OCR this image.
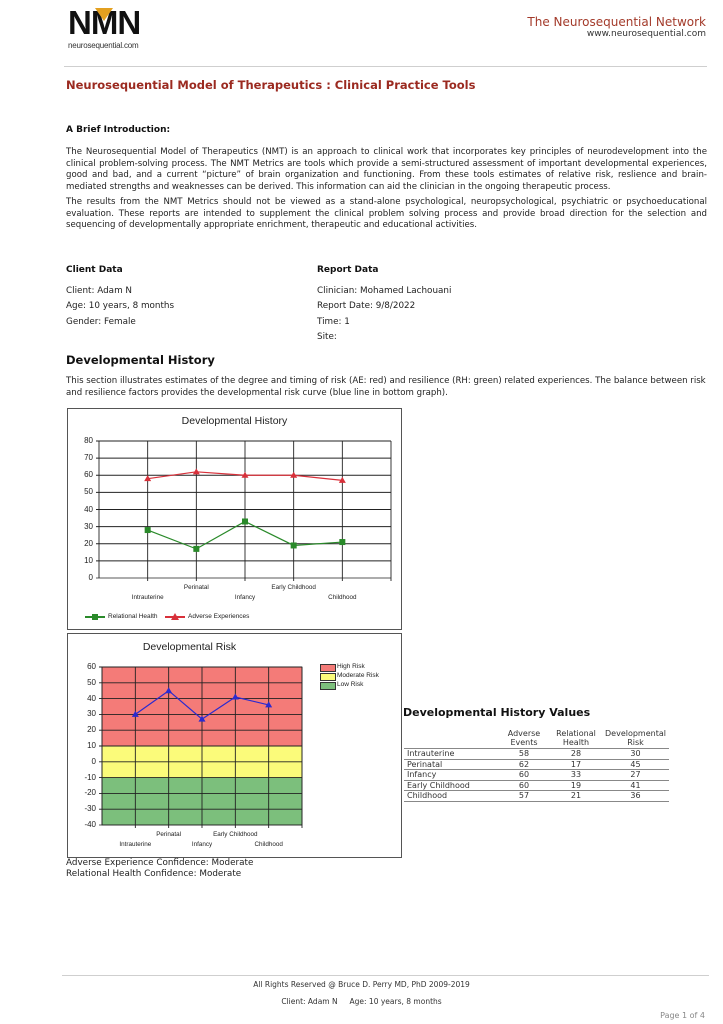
NMN
neurosequential.com
The Neurosequential Network
www.neurosequential.com
Neurosequential Model of Therapeutics : Clinical Practice Tools
A Brief Introduction:
The Neurosequential Model of Therapeutics (NMT) is an approach to clinical work that incorporates key principles of neurodevelopment into the clinical problem-solving process. The NMT Metrics are tools which provide a semi-structured assessment of important developmental experiences, good and bad, and a current “picture” of brain organization and functioning. From these tools estimates of relative risk, reslience and brain-mediated strengths and weaknesses can be derived. This information can aid the clinician in the ongoing therapeutic process.
The results from the NMT Metrics should not be viewed as a stand-alone psychological, neuropsychological, psychiatric or psychoeducational evaluation. These reports are intended to supplement the clinical problem solving process and provide broad direction for the selection and sequencing of developmentally appropriate enrichment, therapeutic and educational activities.
Client Data
Client: Adam N
Age: 10 years, 8 months
Gender: Female
Report Data
Clinician: Mohamed Lachouani
Report Date: 9/8/2022
Time: 1
Site:
Developmental History
This section illustrates estimates of the degree and timing of risk (AE: red) and resilience (RH: green) related experiences. The balance between risk and resilience factors provides the developmental risk curve (blue line in bottom graph).
Developmental History
0
10
20
30
40
50
60
70
80
Intrauterine
Perinatal
Infancy
Early Childhood
Childhood
Relational Health	Adverse Experiences
Developmental Risk
-40
-30
-20
-10
0
10
20
30
40
50
60
Intrauterine
Perinatal
Infancy
Early Childhood
Childhood
High Risk
Moderate Risk
Low Risk
Developmental History Values
	Adverse
Events	Relational
Health	Developmental
Risk
Intrauterine	58	28	30
Perinatal	62	17	45
Infancy	60	33	27
Early Childhood	60	19	41
Childhood	57	21	36
Adverse Experience Confidence: Moderate
Relational Health Confidence: Moderate
All Rights Reserved @ Bruce D. Perry MD, PhD 2009-2019
Client: Adam N     Age: 10 years, 8 months
Page 1 of 4
